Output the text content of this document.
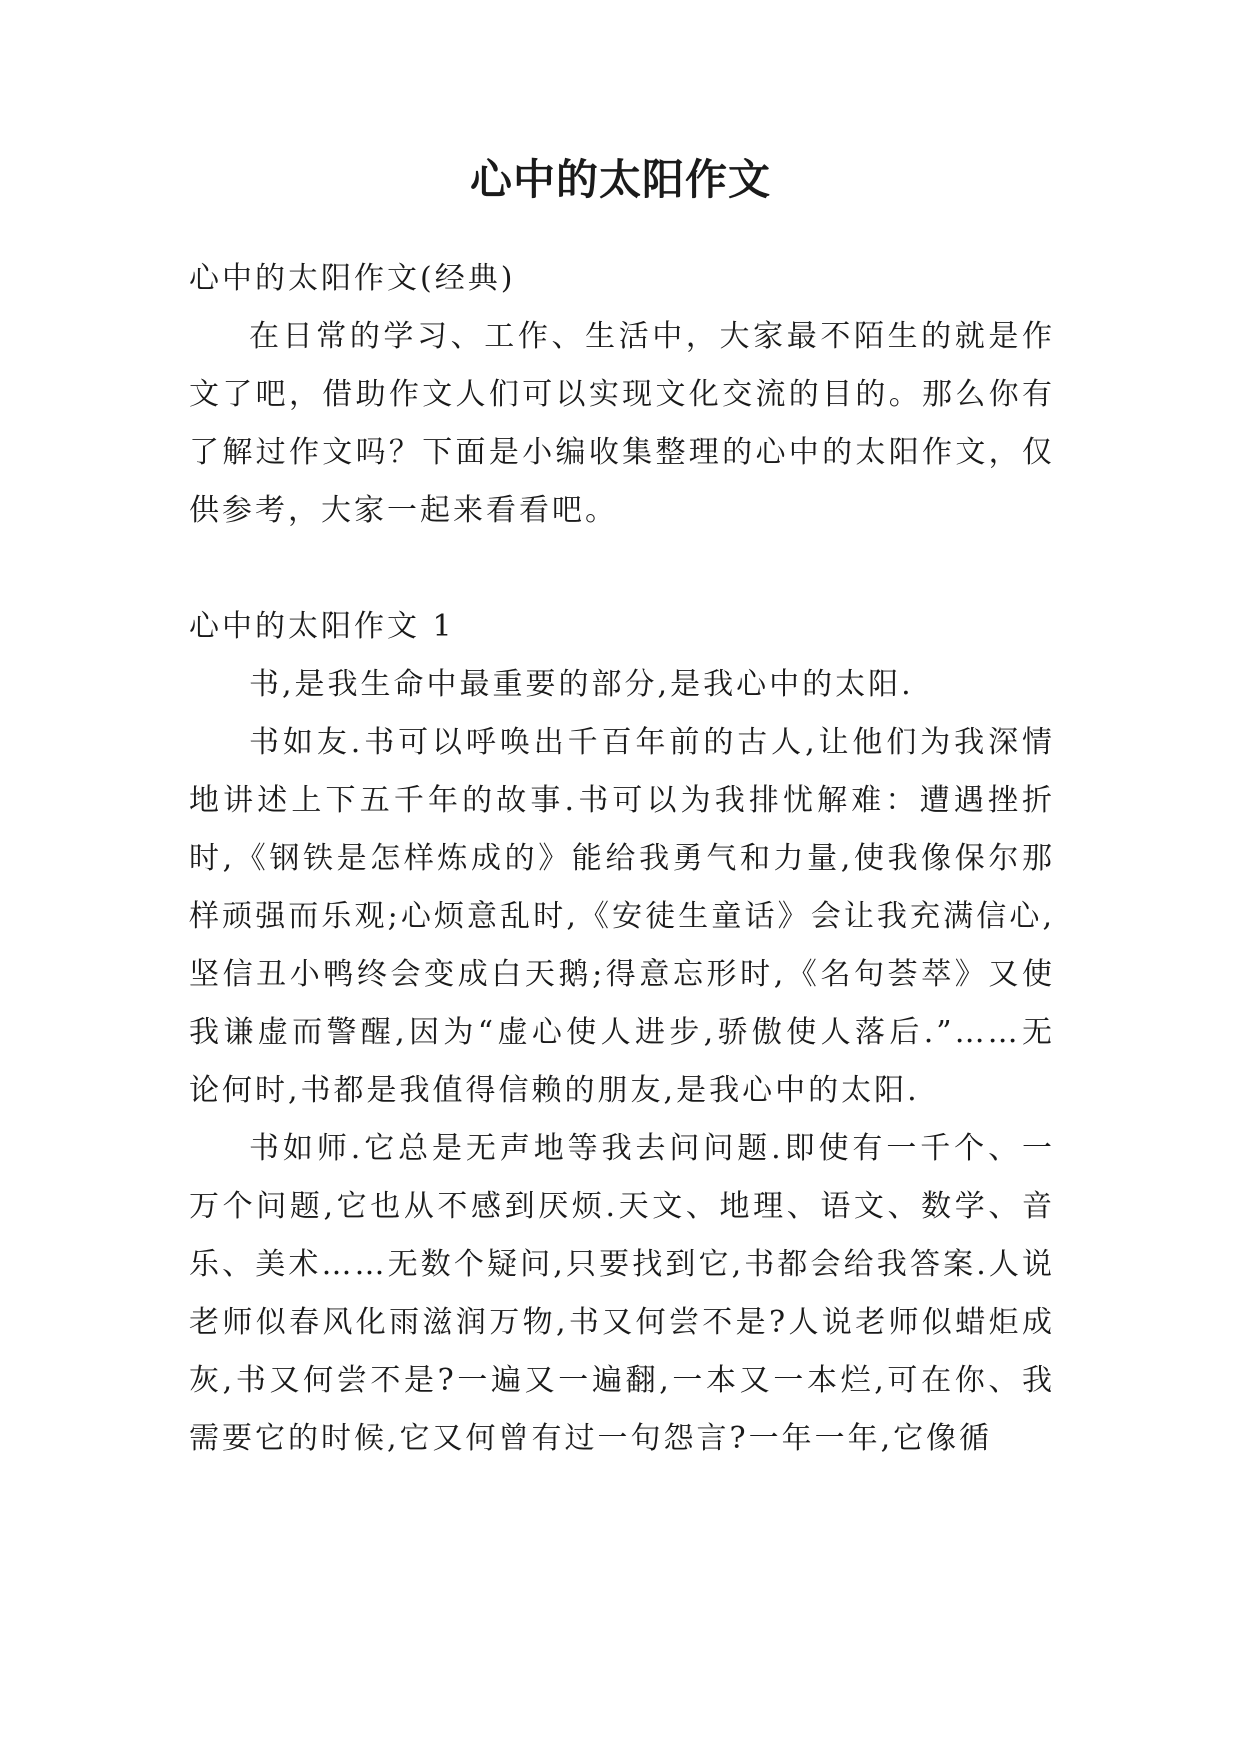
心中的太阳作文

心中的太阳作文(经典)

在日常的学习、工作、生活中，大家最不陌生的就是作文了吧，借助作文人们可以实现文化交流的目的。那么你有了解过作文吗？下面是小编收集整理的心中的太阳作文，仅供参考，大家一起来看看吧。

心中的太阳作文 1

书,是我生命中最重要的部分,是我心中的太阳.

书如友.书可以呼唤出千百年前的古人,让他们为我深情地讲述上下五千年的故事.书可以为我排忧解难：遭遇挫折时,《钢铁是怎样炼成的》能给我勇气和力量,使我像保尔那样顽强而乐观;心烦意乱时,《安徒生童话》会让我充满信心,坚信丑小鸭终会变成白天鹅;得意忘形时,《名句荟萃》又使我谦虚而警醒,因为“虚心使人进步,骄傲使人落后.”……无论何时,书都是我值得信赖的朋友,是我心中的太阳.

书如师.它总是无声地等我去问问题.即使有一千个、一万个问题,它也从不感到厌烦.天文、地理、语文、数学、音乐、美术……无数个疑问,只要找到它,书都会给我答案.人说老师似春风化雨滋润万物,书又何尝不是?人说老师似蜡炬成灰,书又何尝不是?一遍又一遍翻,一本又一本烂,可在你、我需要它的时候,它又何曾有过一句怨言?一年一年,它像循
